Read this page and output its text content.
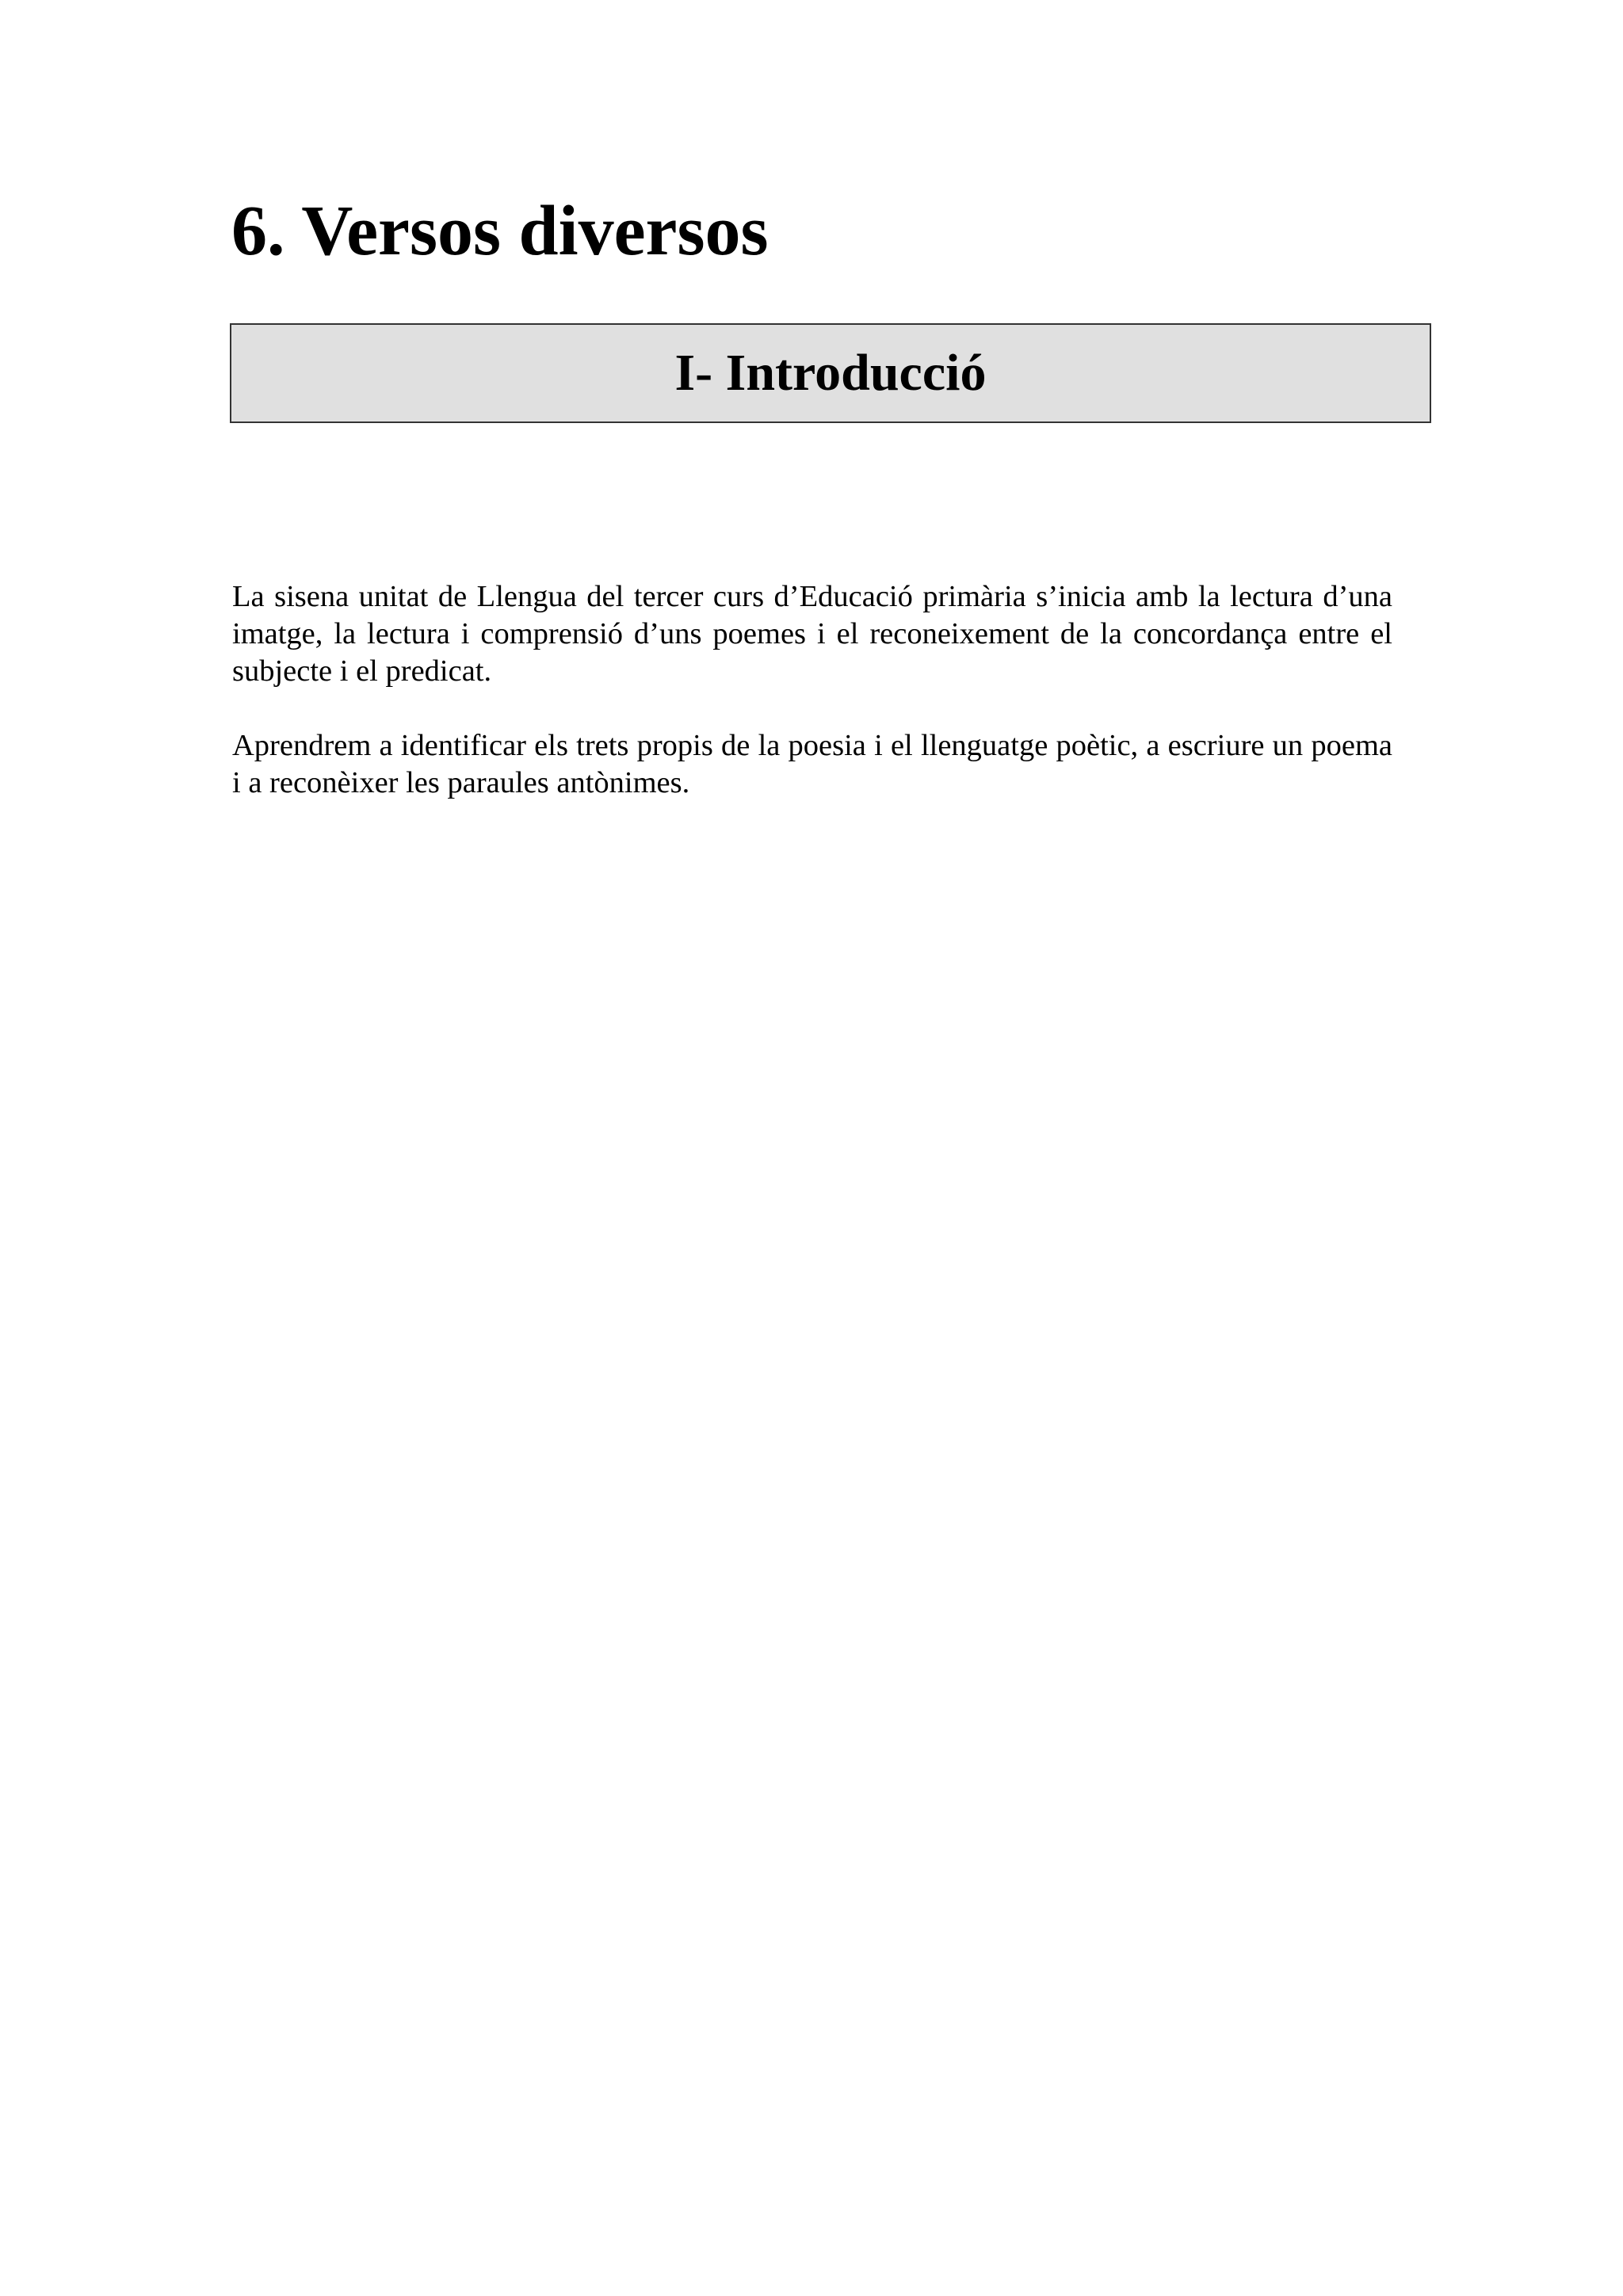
6. Versos diversos
I- Introducció

La sisena unitat de Llengua del tercer curs d’Educació primària s’inicia amb la lectura d’una imatge, la lectura i comprensió d’uns poemes i el reconeixement de la concordança entre el subjecte i el predicat.

Aprendrem a identificar els trets propis de la poesia i el llenguatge poètic, a escriure un poema i a reconèixer les paraules antònimes.
